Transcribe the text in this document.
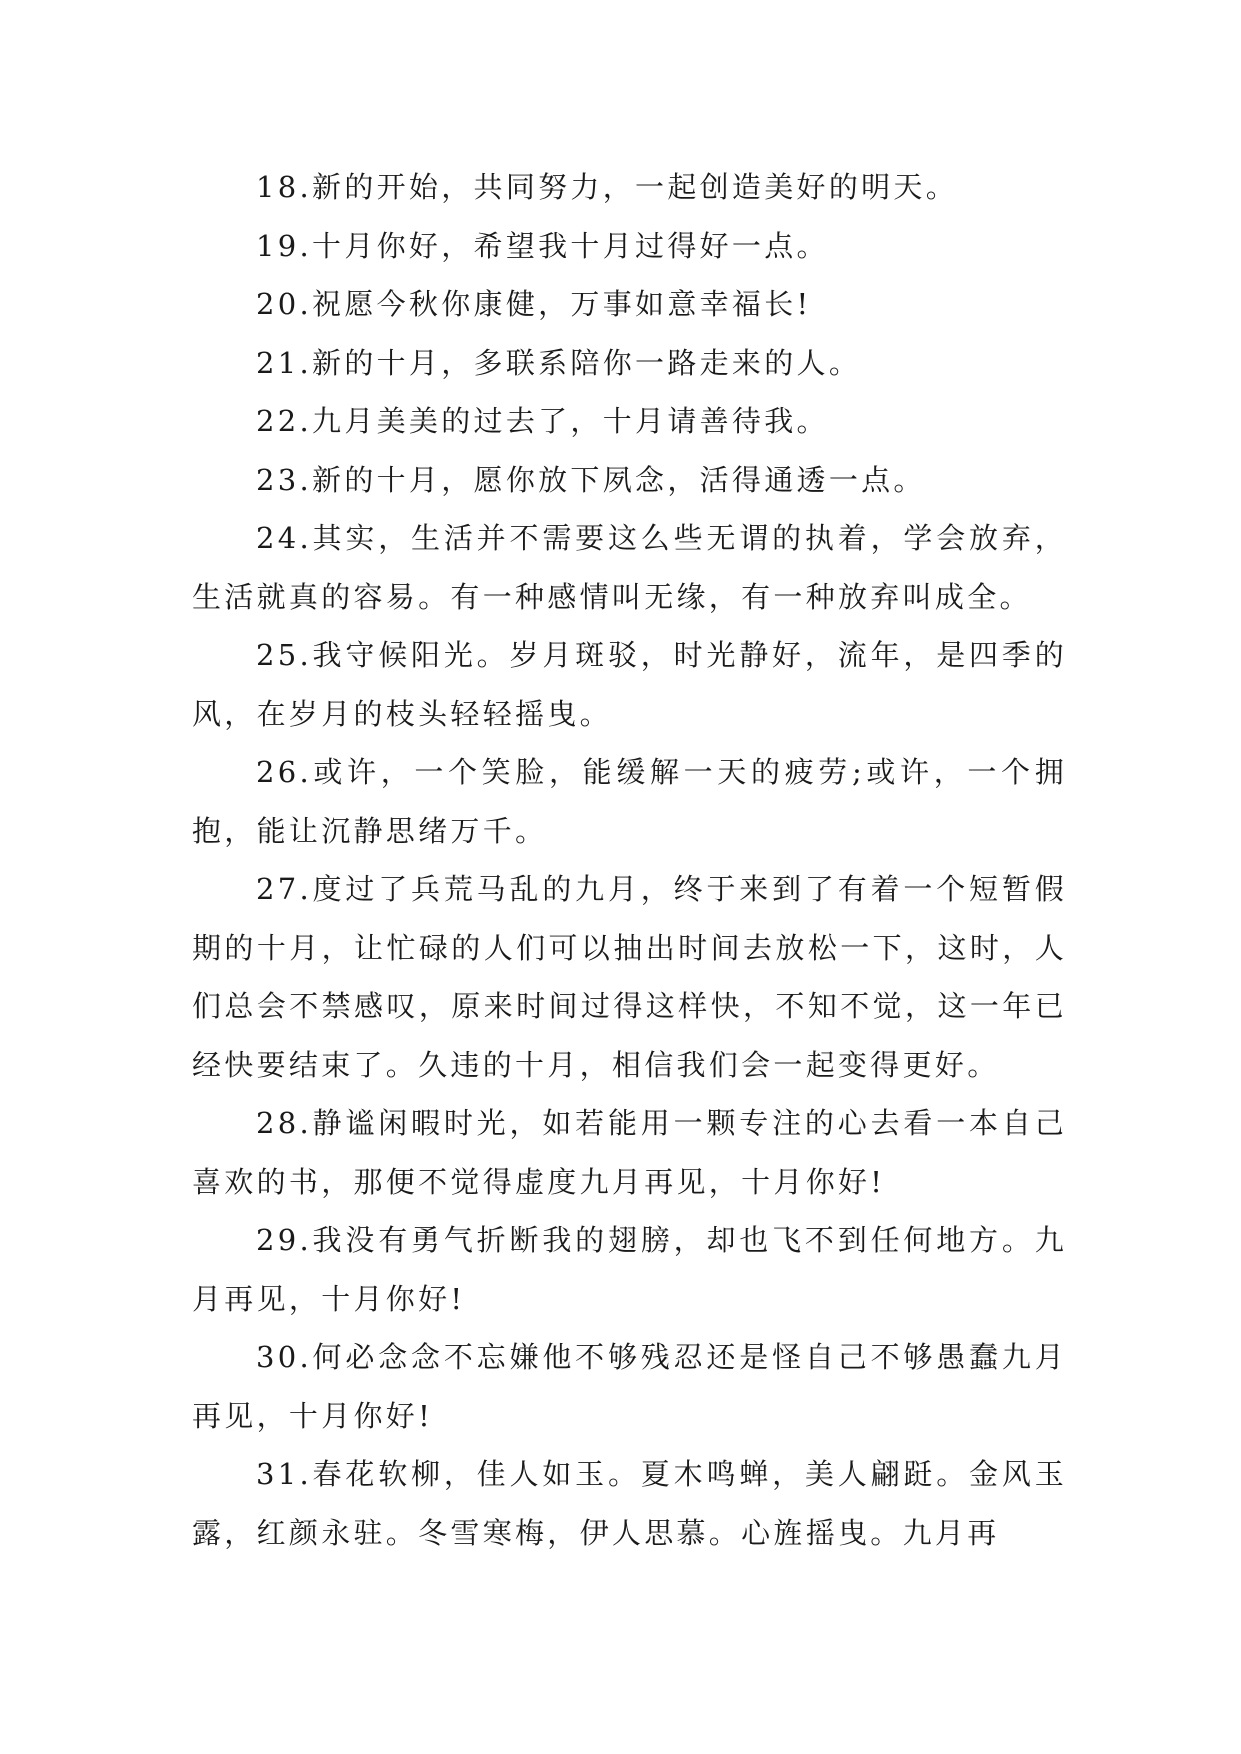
18.新的开始，共同努力，一起创造美好的明天。

19.十月你好，希望我十月过得好一点。

20.祝愿今秋你康健，万事如意幸福长!

21.新的十月，多联系陪你一路走来的人。

22.九月美美的过去了，十月请善待我。

23.新的十月，愿你放下夙念，活得通透一点。

24.其实，生活并不需要这么些无谓的执着，学会放弃，生活就真的容易。有一种感情叫无缘，有一种放弃叫成全。

25.我守候阳光。岁月斑驳，时光静好，流年，是四季的风，在岁月的枝头轻轻摇曳。

26.或许，一个笑脸，能缓解一天的疲劳;或许，一个拥抱，能让沉静思绪万千。

27.度过了兵荒马乱的九月，终于来到了有着一个短暂假期的十月，让忙碌的人们可以抽出时间去放松一下，这时，人们总会不禁感叹，原来时间过得这样快，不知不觉，这一年已经快要结束了。久违的十月，相信我们会一起变得更好。

28.静谧闲暇时光，如若能用一颗专注的心去看一本自己喜欢的书，那便不觉得虚度九月再见，十月你好!

29.我没有勇气折断我的翅膀，却也飞不到任何地方。九月再见，十月你好!

30.何必念念不忘嫌他不够残忍还是怪自己不够愚蠢九月再见，十月你好!

31.春花软柳，佳人如玉。夏木鸣蝉，美人翩跹。金风玉露，红颜永驻。冬雪寒梅，伊人思慕。心旌摇曳。九月再
